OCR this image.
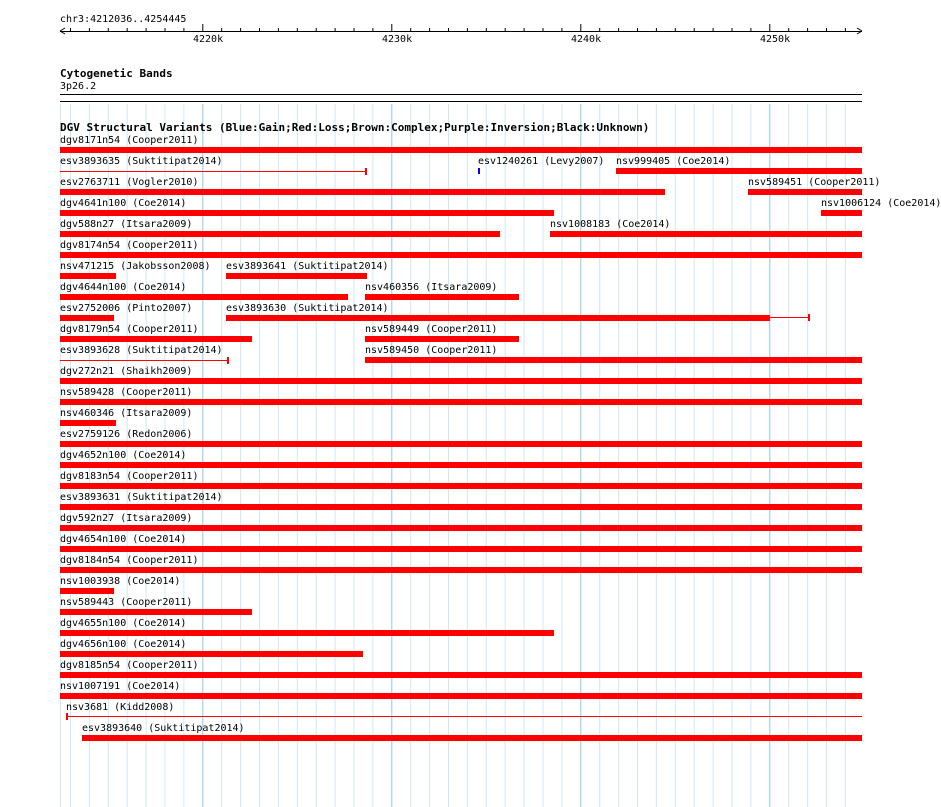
chr3:4212036..4254445
4220k	4230k	4240k	4250k
Cytogenetic Bands
3p26.2
DGV Structural Variants (Blue:Gain;Red:Loss;Brown:Complex;Purple:Inversion;Black:Unknown)
dgv8171n54 (Cooper2011)
esv3893635 (Suktitipat2014)	esv1240261 (Levy2007) nsv999405 (Coe2014)
esv2763711 (Vogler2010)	nsv589451 (Cooper2011)
dgv4641n100 (Coe2014)	nsv1006124 (Coe2014)
dgv588n27 (Itsara2009)	nsv1008183 (Coe2014)
dgv8174n54 (Cooper2011)
nsv471215 (Jakobsson2008) esv3893641 (Suktitipat2014)
dgv4644n100 (Coe2014)	nsv460356 (Itsara2009)
esv2752006 (Pinto2007)	esv3893630 (Suktitipat2014)
dgv8179n54 (Cooper2011)	nsv589449 (Cooper2011)
esv3893628 (Suktitipat2014)	nsv589450 (Cooper2011)
dgv272n21 (Shaikh2009)
nsv589428 (Cooper2011)
nsv460346 (Itsara2009)
esv2759126 (Redon2006)
dgv4652n100 (Coe2014)
dgv8183n54 (Cooper2011)
esv3893631 (Suktitipat2014)
dgv592n27 (Itsara2009)
dgv4654n100 (Coe2014)
dgv8184n54 (Cooper2011)
nsv1003938 (Coe2014)
nsv589443 (Cooper2011)
dgv4655n100 (Coe2014)
dgv4656n100 (Coe2014)
dgv8185n54 (Cooper2011)
nsv1007191 (Coe2014)
nsv3681 (Kidd2008)
esv3893640 (Suktitipat2014)
